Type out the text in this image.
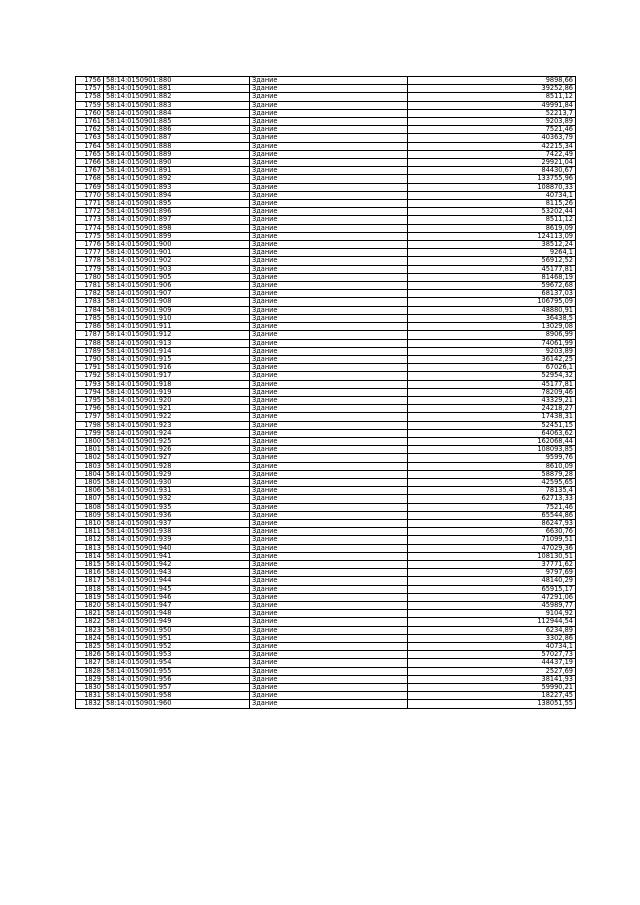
1756	58:14:0150901:880	Здание	9898,66
1757	58:14:0150901:881	Здание	39252,86
1758	58:14:0150901:882	Здание	8511,12
1759	58:14:0150901:883	Здание	49991,84
1760	58:14:0150901:884	Здание	52213,7
1761	58:14:0150901:885	Здание	9203,89
1762	58:14:0150901:886	Здание	7521,46
1763	58:14:0150901:887	Здание	40363,79
1764	58:14:0150901:888	Здание	42215,34
1765	58:14:0150901:889	Здание	7422,49
1766	58:14:0150901:890	Здание	29921,04
1767	58:14:0150901:891	Здание	84430,67
1768	58:14:0150901:892	Здание	133755,96
1769	58:14:0150901:893	Здание	108870,33
1770	58:14:0150901:894	Здание	40734,1
1771	58:14:0150901:895	Здание	8115,26
1772	58:14:0150901:896	Здание	53202,44
1773	58:14:0150901:897	Здание	8511,12
1774	58:14:0150901:898	Здание	8619,09
1775	58:14:0150901:899	Здание	124113,09
1776	58:14:0150901:900	Здание	38512,24
1777	58:14:0150901:901	Здание	9264,1
1778	58:14:0150901:902	Здание	56912,52
1779	58:14:0150901:903	Здание	45177,81
1780	58:14:0150901:905	Здание	81468,19
1781	58:14:0150901:906	Здание	59672,68
1782	58:14:0150901:907	Здание	68137,03
1783	58:14:0150901:908	Здание	106795,09
1784	58:14:0150901:909	Здание	48880,91
1785	58:14:0150901:910	Здание	36438,5
1786	58:14:0150901:911	Здание	13029,08
1787	58:14:0150901:912	Здание	8906,99
1788	58:14:0150901:913	Здание	74061,99
1789	58:14:0150901:914	Здание	9203,89
1790	58:14:0150901:915	Здание	36142,25
1791	58:14:0150901:916	Здание	67026,1
1792	58:14:0150901:917	Здание	52954,32
1793	58:14:0150901:918	Здание	45177,81
1794	58:14:0150901:919	Здание	78209,46
1795	58:14:0150901:920	Здание	43329,21
1796	58:14:0150901:921	Здание	24218,27
1797	58:14:0150901:922	Здание	17438,31
1798	58:14:0150901:923	Здание	52451,15
1799	58:14:0150901:924	Здание	64063,62
1800	58:14:0150901:925	Здание	162068,44
1801	58:14:0150901:926	Здание	108093,85
1802	58:14:0150901:927	Здание	9599,76
1803	58:14:0150901:928	Здание	8610,09
1804	58:14:0150901:929	Здание	58879,28
1805	58:14:0150901:930	Здание	42595,65
1806	58:14:0150901:931	Здание	78135,4
1807	58:14:0150901:932	Здание	62713,33
1808	58:14:0150901:935	Здание	7521,46
1809	58:14:0150901:936	Здание	65544,86
1810	58:14:0150901:937	Здание	86247,93
1811	58:14:0150901:938	Здание	6630,76
1812	58:14:0150901:939	Здание	71099,51
1813	58:14:0150901:940	Здание	47029,36
1814	58:14:0150901:941	Здание	108130,51
1815	58:14:0150901:942	Здание	37771,62
1816	58:14:0150901:943	Здание	9797,69
1817	58:14:0150901:944	Здание	48140,29
1818	58:14:0150901:945	Здание	65915,17
1819	58:14:0150901:946	Здание	47291,06
1820	58:14:0150901:947	Здание	45989,77
1821	58:14:0150901:948	Здание	9104,92
1822	58:14:0150901:949	Здание	112944,54
1823	58:14:0150901:950	Здание	6234,89
1824	58:14:0150901:951	Здание	3302,86
1825	58:14:0150901:952	Здание	40734,1
1826	58:14:0150901:953	Здание	57027,73
1827	58:14:0150901:954	Здание	44437,19
1828	58:14:0150901:955	Здание	2527,69
1829	58:14:0150901:956	Здание	38141,93
1830	58:14:0150901:957	Здание	59990,21
1831	58:14:0150901:958	Здание	18227,45
1832	58:14:0150901:960	Здание	138051,55
